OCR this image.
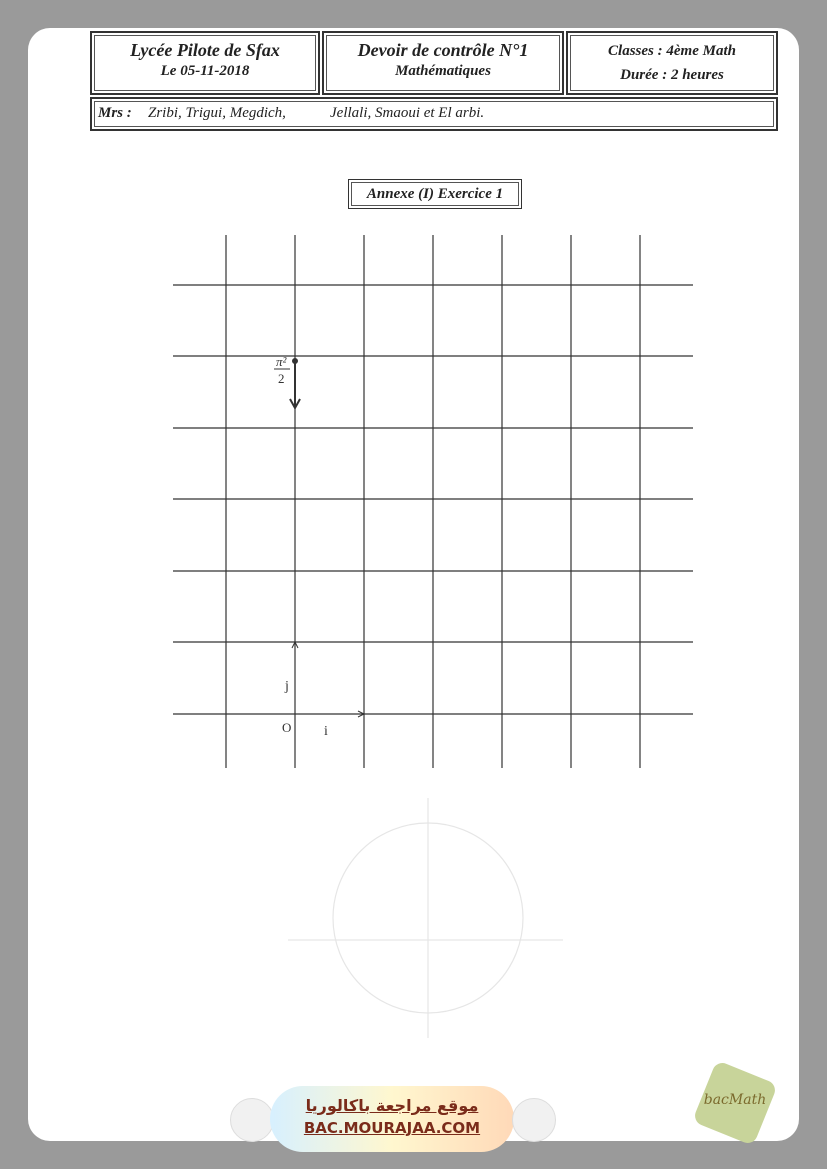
Lycée Pilote de Sfax
Le 05-11-2018
Devoir de contrôle N°1
Mathématiques
Classes : 4ème Math
Durée : 2 heures
Mrs : Zribi, Trigui, Megdich,	Jellali, Smaoui et El arbi.
Annexe (I) Exercice 1
O i
j
π²
2
موقع مراجعة باكالوريا
BAC.MOURAJAA.COM
bacMath
